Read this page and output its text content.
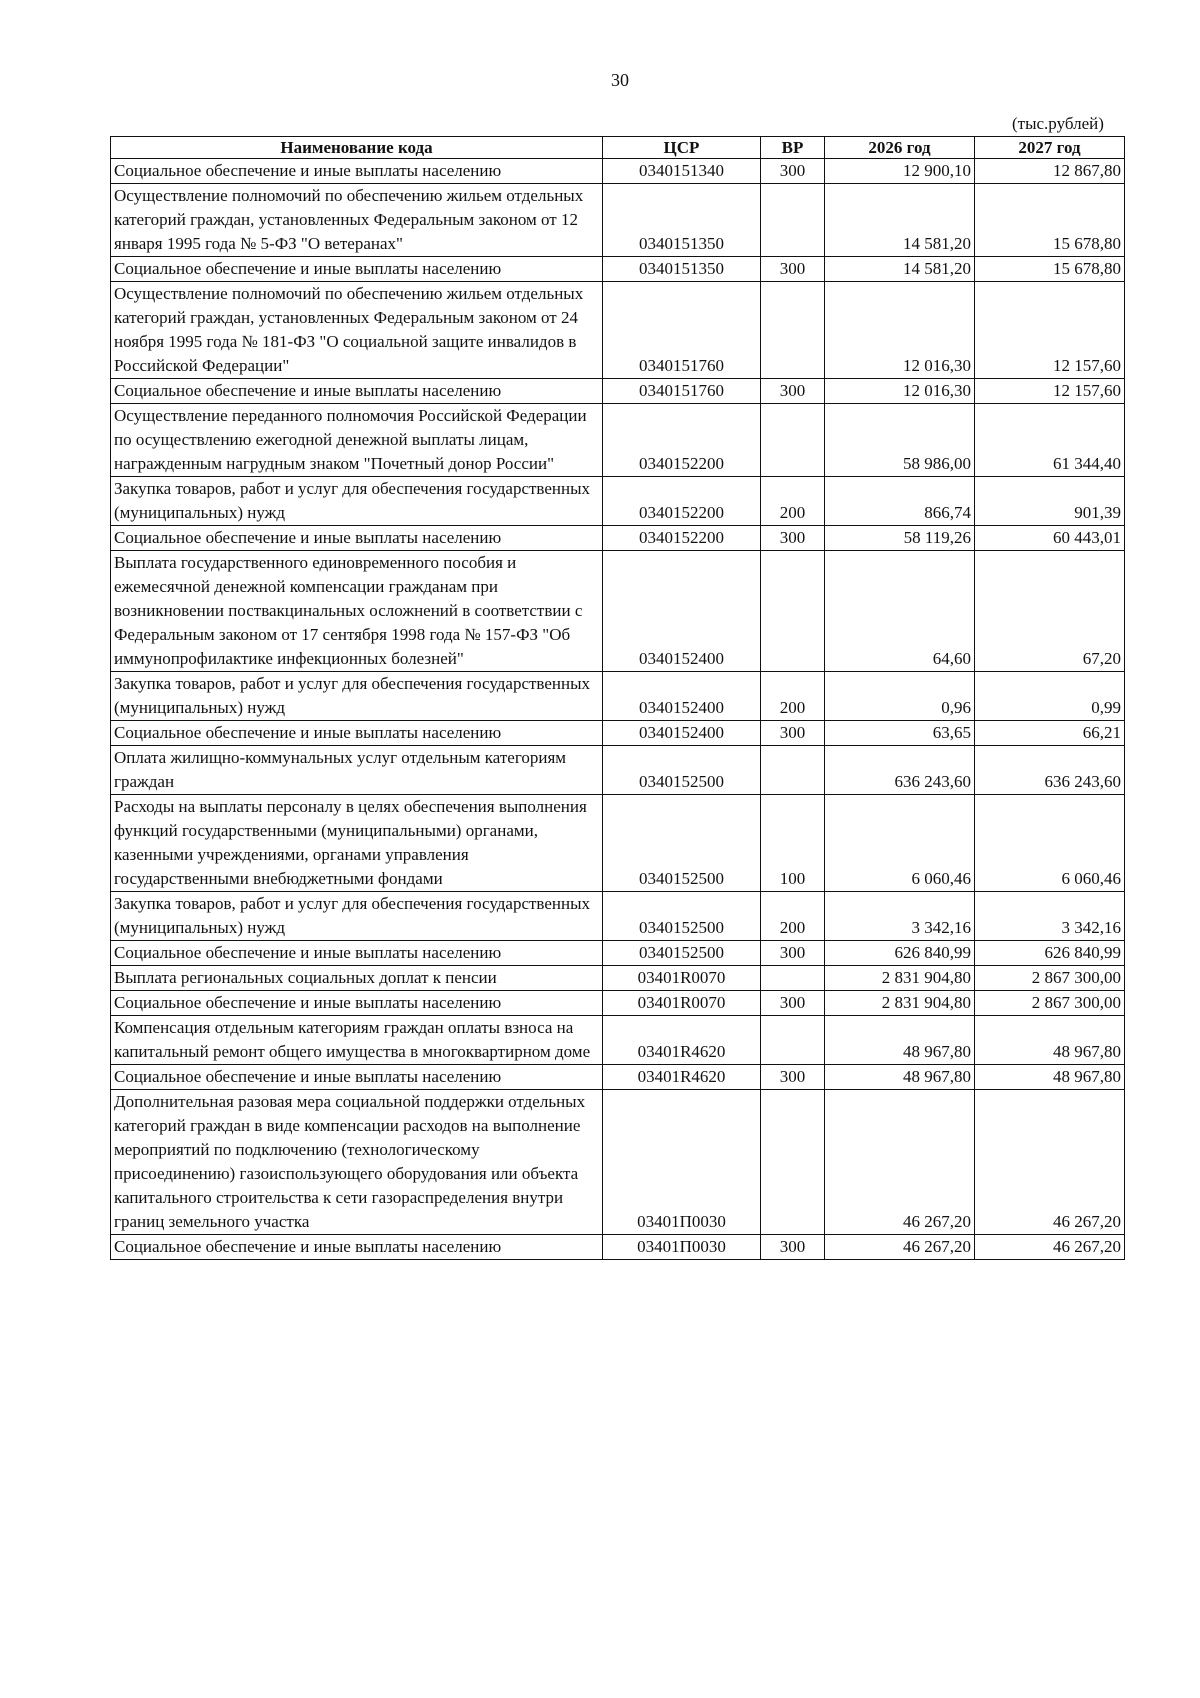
30
(тыс.рублей)
Наименование кода	ЦСР	ВР	2026 год	2027 год
Социальное обеспечение и иные выплаты населению	0340151340	300	12 900,10	12 867,80
Осуществление полномочий по обеспечению жильем отдельных категорий граждан, установленных Федеральным законом от 12 января 1995 года № 5-ФЗ "О ветеранах"	0340151350		14 581,20	15 678,80
Социальное обеспечение и иные выплаты населению	0340151350	300	14 581,20	15 678,80
Осуществление полномочий по обеспечению жильем отдельных категорий граждан, установленных Федеральным законом от 24 ноября 1995 года № 181-ФЗ "О социальной защите инвалидов в Российской Федерации"	0340151760		12 016,30	12 157,60
Социальное обеспечение и иные выплаты населению	0340151760	300	12 016,30	12 157,60
Осуществление переданного полномочия Российской Федерации по осуществлению ежегодной денежной выплаты лицам, награжденным нагрудным знаком "Почетный донор России"	0340152200		58 986,00	61 344,40
Закупка товаров, работ и услуг для обеспечения государственных (муниципальных) нужд	0340152200	200	866,74	901,39
Социальное обеспечение и иные выплаты населению	0340152200	300	58 119,26	60 443,01
Выплата государственного единовременного пособия и ежемесячной денежной компенсации гражданам при возникновении поствакцинальных осложнений в соответствии с Федеральным законом от 17 сентября 1998 года № 157-ФЗ "Об иммунопрофилактике инфекционных болезней"	0340152400		64,60	67,20
Закупка товаров, работ и услуг для обеспечения государственных (муниципальных) нужд	0340152400	200	0,96	0,99
Социальное обеспечение и иные выплаты населению	0340152400	300	63,65	66,21
Оплата жилищно-коммунальных услуг отдельным категориям граждан	0340152500		636 243,60	636 243,60
Расходы на выплаты персоналу в целях обеспечения выполнения функций государственными (муниципальными) органами, казенными учреждениями, органами управления государственными внебюджетными фондами	0340152500	100	6 060,46	6 060,46
Закупка товаров, работ и услуг для обеспечения государственных (муниципальных) нужд	0340152500	200	3 342,16	3 342,16
Социальное обеспечение и иные выплаты населению	0340152500	300	626 840,99	626 840,99
Выплата региональных социальных доплат к пенсии	03401R0070		2 831 904,80	2 867 300,00
Социальное обеспечение и иные выплаты населению	03401R0070	300	2 831 904,80	2 867 300,00
Компенсация отдельным категориям граждан оплаты взноса на капитальный ремонт общего имущества в многоквартирном доме	03401R4620		48 967,80	48 967,80
Социальное обеспечение и иные выплаты населению	03401R4620	300	48 967,80	48 967,80
Дополнительная разовая мера социальной поддержки отдельных категорий граждан в виде компенсации расходов на выполнение мероприятий по подключению (технологическому присоединению) газоиспользующего оборудования или объекта капитального строительства к сети газораспределения внутри границ земельного участка	03401П0030		46 267,20	46 267,20
Социальное обеспечение и иные выплаты населению	03401П0030	300	46 267,20	46 267,20
